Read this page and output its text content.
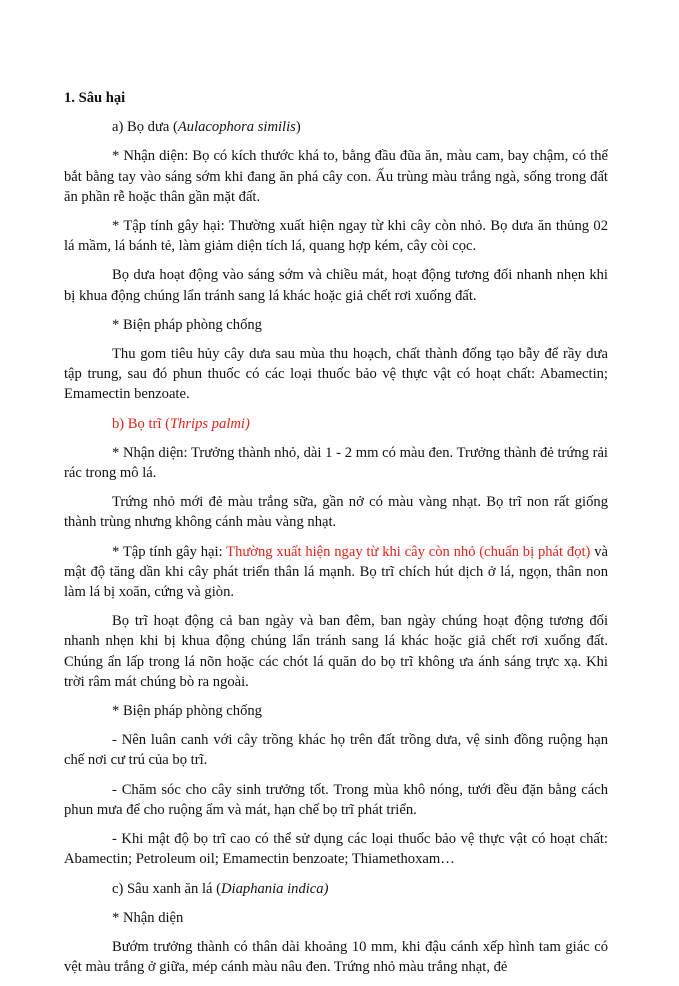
1. Sâu hại
a) Bọ dưa (Aulacophora similis)
* Nhận diện: Bọ có kích thước khá to, bằng đầu đũa ăn, màu cam, bay chậm, có thể bắt bằng tay vào sáng sớm khi đang ăn phá cây con. Ấu trùng màu trắng ngà, sống trong đất ăn phần rễ hoặc thân gần mặt đất.
* Tập tính gây hại: Thường xuất hiện ngay từ khi cây còn nhỏ. Bọ dưa ăn thủng 02 lá mầm, lá bánh tẻ, làm giảm diện tích lá, quang hợp kém, cây còi cọc.
Bọ dưa hoạt động vào sáng sớm và chiều mát, hoạt động tương đối nhanh nhẹn khi bị khua động chúng lẩn tránh sang lá khác hoặc giả chết rơi xuống đất.
* Biện pháp phòng chống
Thu gom tiêu hủy cây dưa sau mùa thu hoạch, chất thành đống tạo bẫy để rầy dưa tập trung, sau đó phun thuốc có các loại thuốc bảo vệ thực vật có hoạt chất: Abamectin; Emamectin benzoate.
b) Bọ trĩ (Thrips palmi)
* Nhận diện: Trưởng thành nhỏ, dài 1 - 2 mm có màu đen. Trưởng thành đẻ trứng rải rác trong mô lá.
Trứng nhỏ mới đẻ màu trắng sữa, gần nở có màu vàng nhạt. Bọ trĩ non rất giống thành trùng nhưng không cánh màu vàng nhạt.
* Tập tính gây hại: Thường xuất hiện ngay từ khi cây còn nhỏ (chuẩn bị phát đọt) và mật độ tăng dần khi cây phát triển thân lá mạnh. Bọ trĩ chích hút dịch ở lá, ngọn, thân non làm lá bị xoăn, cứng và giòn.
Bọ trĩ hoạt động cả ban ngày và ban đêm, ban ngày chúng hoạt động tương đối nhanh nhẹn khi bị khua động chúng lẩn tránh sang lá khác hoặc giả chết rơi xuống đất. Chúng ẩn lấp trong lá nõn hoặc các chót lá quăn do bọ trĩ không ưa ánh sáng trực xạ. Khi trời râm mát chúng bò ra ngoài.
* Biện pháp phòng chống
- Nên luân canh với cây trồng khác họ trên đất trồng dưa, vệ sinh đồng ruộng hạn chế nơi cư trú của bọ trĩ.
- Chăm sóc cho cây sinh trưởng tốt. Trong mùa khô nóng, tưới đều đặn bằng cách phun mưa để cho ruộng ẩm và mát, hạn chế bọ trĩ phát triển.
- Khi mật độ bọ trĩ cao có thể sử dụng các loại thuốc bảo vệ thực vật có hoạt chất: Abamectin; Petroleum oil; Emamectin benzoate; Thiamethoxam…
c) Sâu xanh ăn lá (Diaphania indica)
* Nhận diện
Bướm trưởng thành có thân dài khoảng 10 mm, khi đậu cánh xếp hình tam giác có vệt màu trắng ở giữa, mép cánh màu nâu đen. Trứng nhỏ màu trắng nhạt, đẻ
